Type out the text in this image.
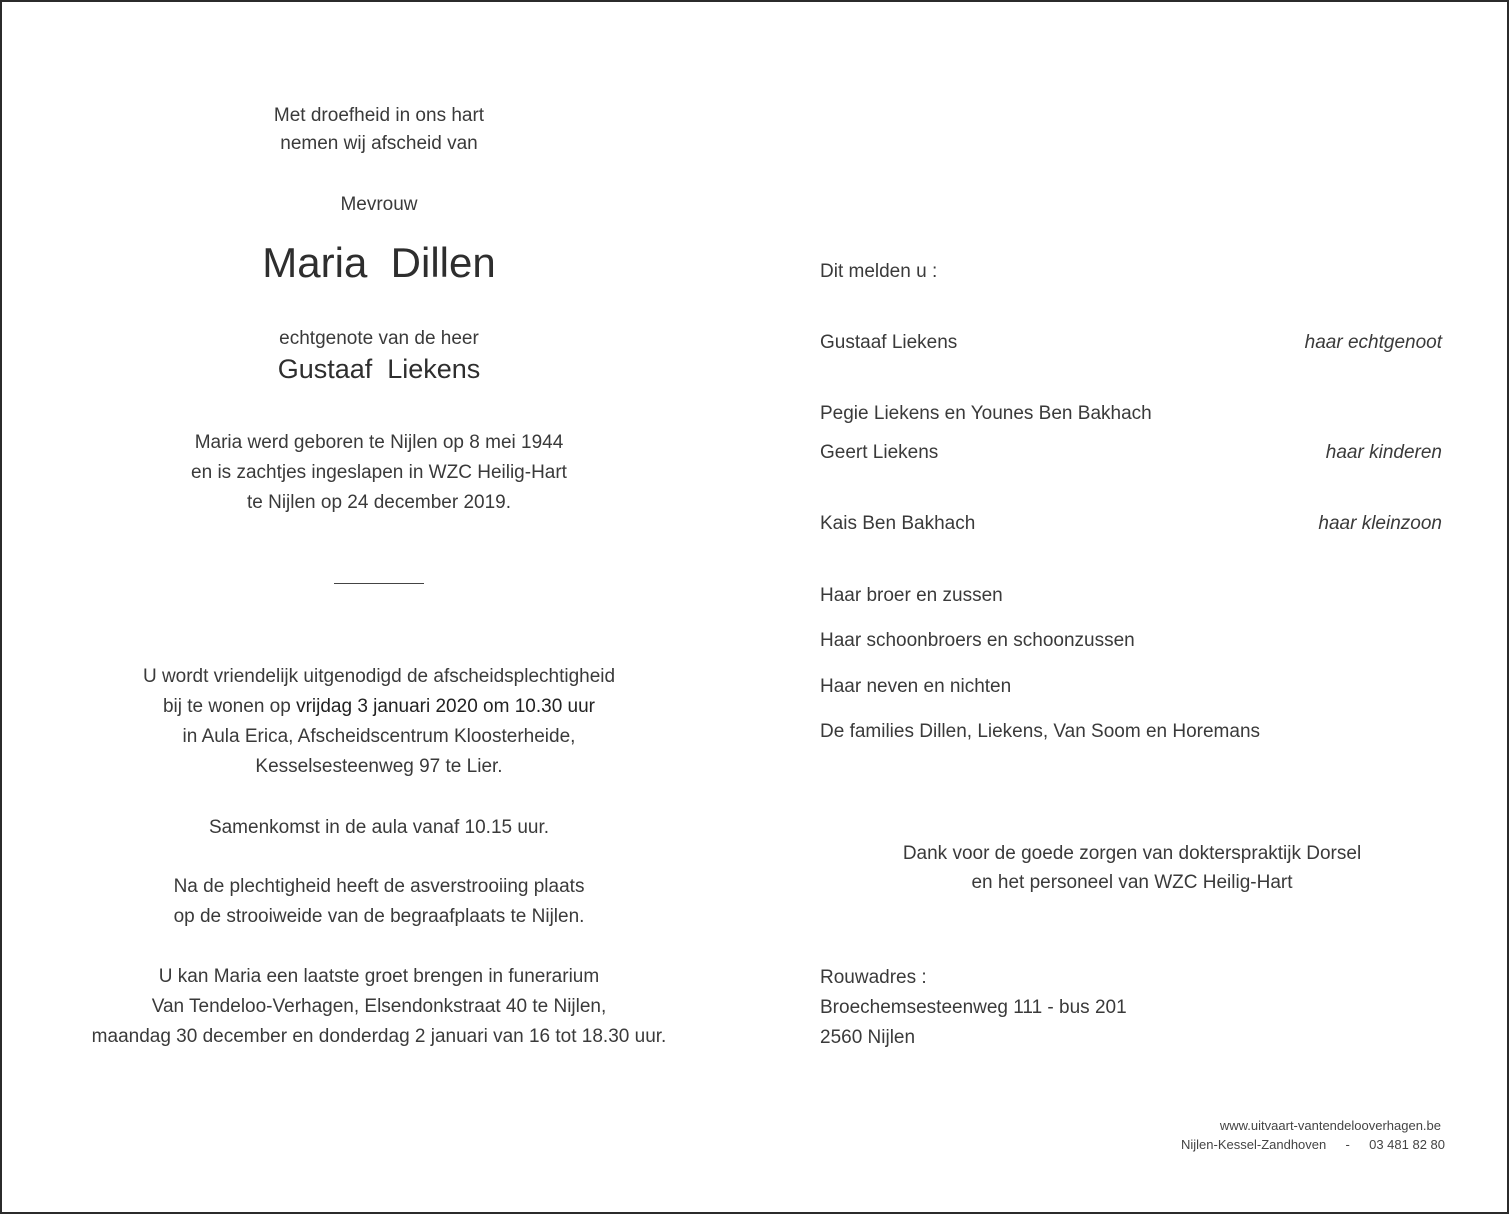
Met droefheid in ons hart
nemen wij afscheid van
Mevrouw
Maria  Dillen
echtgenote van de heer
Gustaaf  Liekens
Maria werd geboren te Nijlen op 8 mei 1944
en is zachtjes ingeslapen in WZC Heilig-Hart
te Nijlen op 24 december 2019.
U wordt vriendelijk uitgenodigd de afscheidsplechtigheid
bij te wonen op vrijdag 3 januari 2020 om 10.30 uur
in Aula Erica, Afscheidscentrum Kloosterheide,
Kesselsesteenweg 97 te Lier.
Samenkomst in de aula vanaf 10.15 uur.
Na de plechtigheid heeft de asverstrooiing plaats
op de strooiweide van de begraafplaats te Nijlen.
U kan Maria een laatste groet brengen in funerarium
Van Tendeloo-Verhagen, Elsendonkstraat 40 te Nijlen,
maandag 30 december en donderdag 2 januari van 16 tot 18.30 uur.
Dit melden u :
Gustaaf Liekens	haar echtgenoot
Pegie Liekens en Younes Ben Bakhach
Geert Liekens	haar kinderen
Kais Ben Bakhach	haar kleinzoon
Haar broer en zussen
Haar schoonbroers en schoonzussen
Haar neven en nichten
De families Dillen, Liekens, Van Soom en Horemans
Dank voor de goede zorgen van dokterspraktijk Dorsel
en het personeel van WZC Heilig-Hart
Rouwadres :
Broechemsesteenweg 111 - bus 201
2560 Nijlen
www.uitvaart-vantendelooverhagen.be
Nijlen-Kessel-Zandhoven - 03 481 82 80
